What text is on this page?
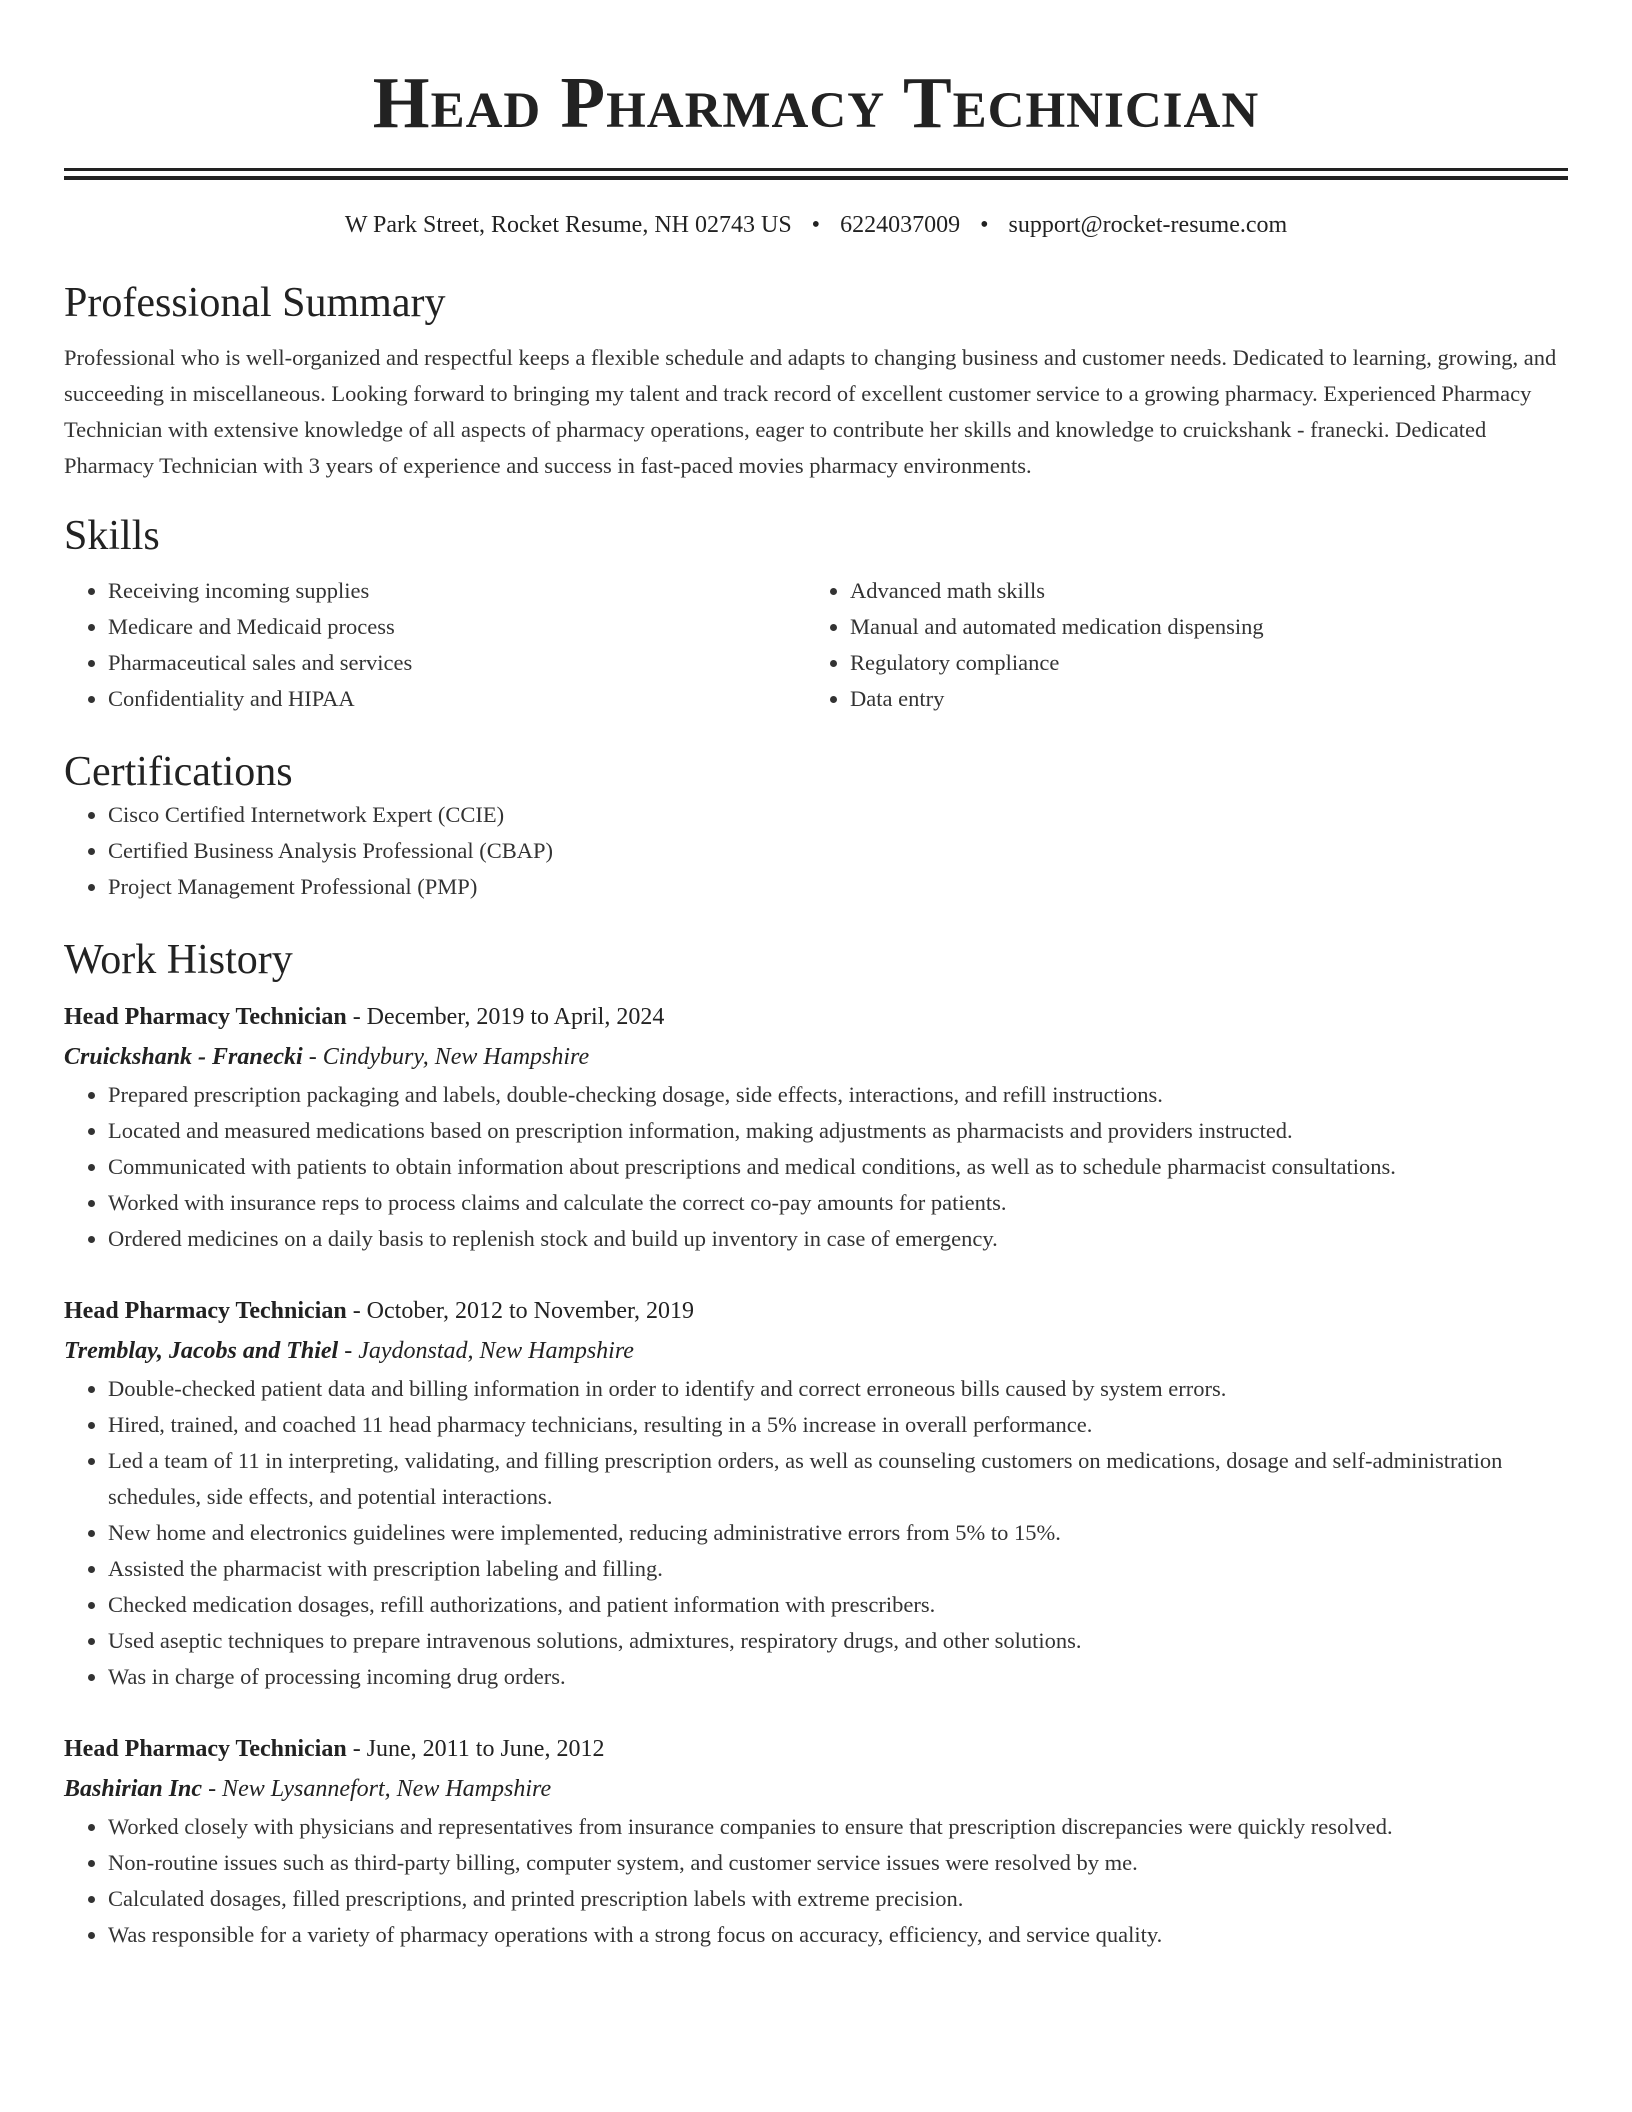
Head Pharmacy Technician
W Park Street, Rocket Resume, NH 02743 US • 6224037009 • support@rocket-resume.com
Professional Summary
Professional who is well-organized and respectful keeps a flexible schedule and adapts to changing business and customer needs. Dedicated to learning, growing, and succeeding in miscellaneous. Looking forward to bringing my talent and track record of excellent customer service to a growing pharmacy. Experienced Pharmacy Technician with extensive knowledge of all aspects of pharmacy operations, eager to contribute her skills and knowledge to cruickshank - franecki. Dedicated Pharmacy Technician with 3 years of experience and success in fast-paced movies pharmacy environments.
Skills
• Receiving incoming supplies
• Medicare and Medicaid process
• Pharmaceutical sales and services
• Confidentiality and HIPAA
• Advanced math skills
• Manual and automated medication dispensing
• Regulatory compliance
• Data entry
Certifications
• Cisco Certified Internetwork Expert (CCIE)
• Certified Business Analysis Professional (CBAP)
• Project Management Professional (PMP)
Work History
Head Pharmacy Technician - December, 2019 to April, 2024
Cruickshank - Franecki - Cindybury, New Hampshire
• Prepared prescription packaging and labels, double-checking dosage, side effects, interactions, and refill instructions.
• Located and measured medications based on prescription information, making adjustments as pharmacists and providers instructed.
• Communicated with patients to obtain information about prescriptions and medical conditions, as well as to schedule pharmacist consultations.
• Worked with insurance reps to process claims and calculate the correct co-pay amounts for patients.
• Ordered medicines on a daily basis to replenish stock and build up inventory in case of emergency.
Head Pharmacy Technician - October, 2012 to November, 2019
Tremblay, Jacobs and Thiel - Jaydonstad, New Hampshire
• Double-checked patient data and billing information in order to identify and correct erroneous bills caused by system errors.
• Hired, trained, and coached 11 head pharmacy technicians, resulting in a 5% increase in overall performance.
• Led a team of 11 in interpreting, validating, and filling prescription orders, as well as counseling customers on medications, dosage and self-administration schedules, side effects, and potential interactions.
• New home and electronics guidelines were implemented, reducing administrative errors from 5% to 15%.
• Assisted the pharmacist with prescription labeling and filling.
• Checked medication dosages, refill authorizations, and patient information with prescribers.
• Used aseptic techniques to prepare intravenous solutions, admixtures, respiratory drugs, and other solutions.
• Was in charge of processing incoming drug orders.
Head Pharmacy Technician - June, 2011 to June, 2012
Bashirian Inc - New Lysannefort, New Hampshire
• Worked closely with physicians and representatives from insurance companies to ensure that prescription discrepancies were quickly resolved.
• Non-routine issues such as third-party billing, computer system, and customer service issues were resolved by me.
• Calculated dosages, filled prescriptions, and printed prescription labels with extreme precision.
• Was responsible for a variety of pharmacy operations with a strong focus on accuracy, efficiency, and service quality.
